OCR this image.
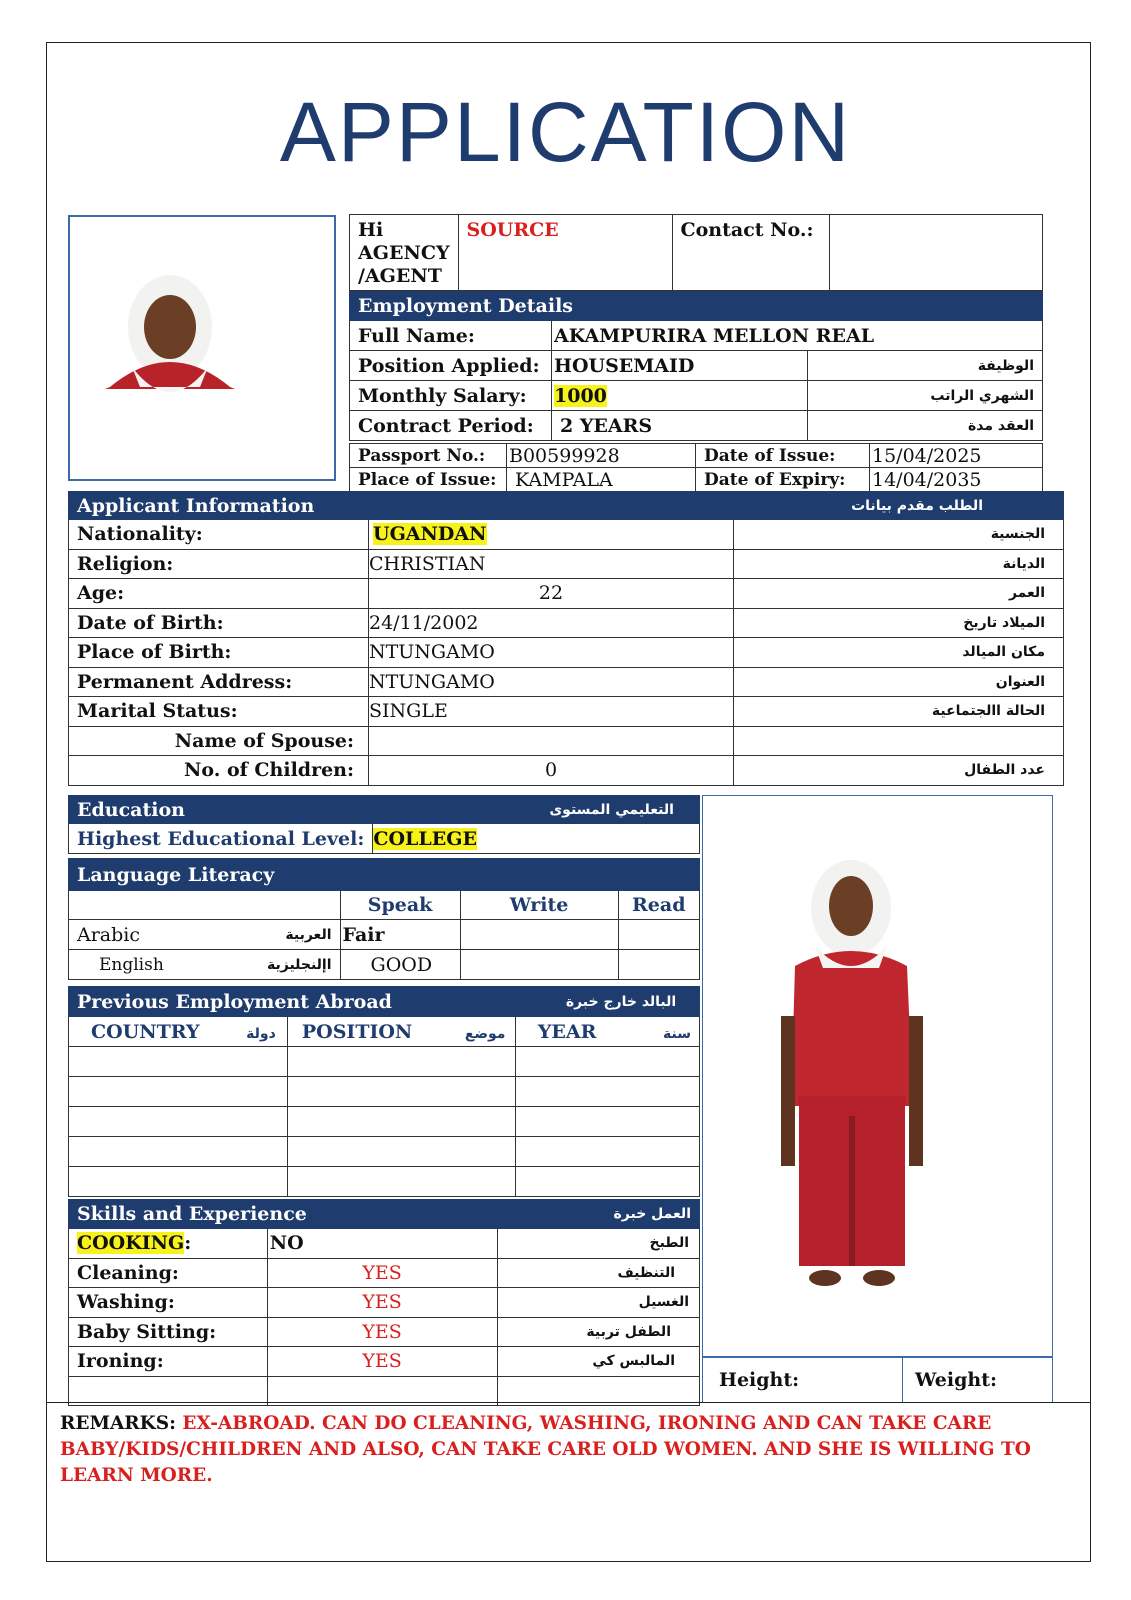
APPLICATION
Hi AGENCY /AGENT	SOURCE	Contact No.:	
Employment Details		
Full Name:	AKAMPURIRA MELLON REAL	
Position Applied:	HOUSEMAID	الوظيفة
Monthly Salary:	1000	الشهري الراتب
Contract Period:	2 YEARS	العقد مدة
Passport No.:	B00599928	Date of Issue:	15/04/2025
Place of Issue:	KAMPALA	Date of Expiry:	14/04/2035
Applicant Information		الطلب مقدم بيانات
Nationality:	UGANDAN	الجنسية
Religion:	CHRISTIAN	الديانة
Age:	22	العمر
Date of Birth:	24/11/2002	الميلاد تاريخ
Place of Birth:	NTUNGAMO	مكان الميالد
Permanent Address:	NTUNGAMO	العنوان
Marital Status:	SINGLE	الحالة االجتماعية
Name of Spouse:		
No. of Children:	0	عدد الطفال
Education	التعليمي المستوى
Highest Educational Level:	COLLEGE
Language Literacy				
		Speak	Write	Read
Arabic	العربية	Fair		
English	اإلنجليزية	GOOD		
Previous Employment Abroad		البالد خارج خبرة
COUNTRY دولة	POSITION موضع	YEAR سنة

Skills and Experience		العمل خبرة
COOKING:	NO	الطبخ
Cleaning:	YES	التنظيف
Washing:	YES	الغسيل
Baby Sitting:	YES	الطفل تربية
Ironing:	YES	المالبس كي

Height:	Weight:
REMARKS: EX-ABROAD. CAN DO CLEANING, WASHING, IRONING AND CAN TAKE CARE
BABY/KIDS/CHILDREN AND ALSO, CAN TAKE CARE OLD WOMEN. AND SHE IS WILLING TO LEARN MORE.
